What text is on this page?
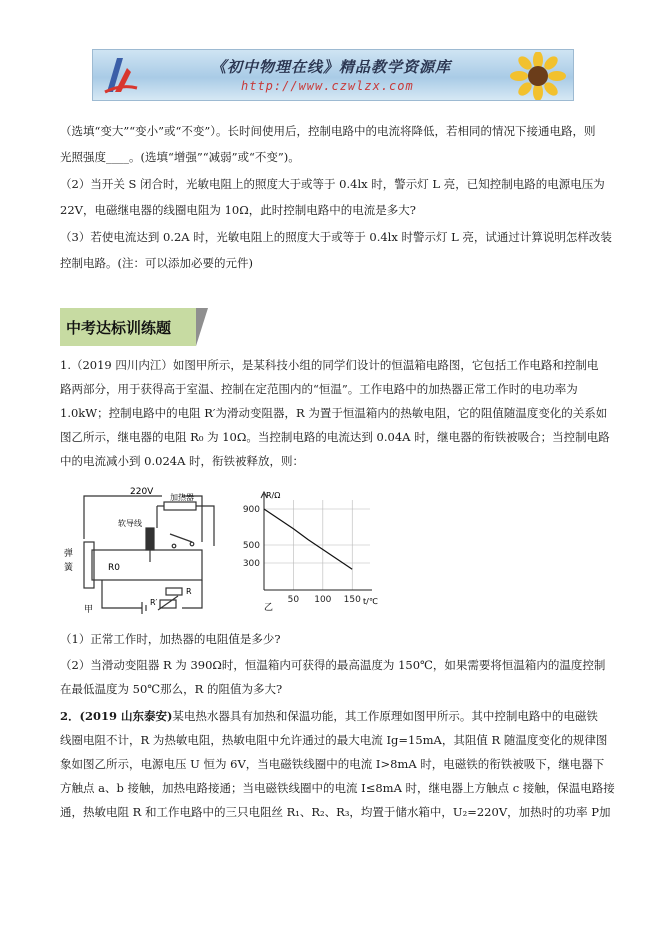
《初中物理在线》精品教学资源库
http://www.czwlzx.com

（选填“变大”“变小”或“不变”）。长时间使用后，控制电路中的电流将降低，若相同的情况下接通电路，则

光照强度____。(选填“增强”“减弱”或“不变”)。

（2）当开关 S 闭合时，光敏电阻上的照度大于或等于 0.4lx 时，警示灯 L 亮，已知控制电路的电源电压为

22V，电磁继电器的线圈电阻为 10Ω，此时控制电路中的电流是多大?

（3）若使电流达到 0.2A 时，光敏电阻上的照度大于或等于 0.4lx 时警示灯 L 亮，试通过计算说明怎样改装

控制电路。(注：可以添加必要的元件)

中考达标训练题

1.（2019 四川内江）如图甲所示，是某科技小组的同学们设计的恒温箱电路图，它包括工作电路和控制电

路两部分，用于获得高于室温、控制在定范围内的“恒温”。工作电路中的加热器正常工作时的电功率为

1.0kW；控制电路中的电阻 R′为滑动变阻器，R 为置于恒温箱内的热敏电阻，它的阻值随温度变化的关系如

图乙所示，继电器的电阻 R₀ 为 10Ω。当控制电路的电流达到 0.04A 时，继电器的衔铁被吸合；当控制电路

中的电流减小到 0.024A 时，衔铁被释放，则：

220V
加热器
软导线
弹
簧	R0
R′
R
甲
50 100 150
300
500
900
R/Ω
t/℃
乙

（1）正常工作时，加热器的电阻值是多少?

（2）当滑动变阻器 R 为 390Ω时，恒温箱内可获得的最高温度为 150℃，如果需要将恒温箱内的温度控制

在最低温度为 50℃那么，R 的阻值为多大?

2．(2019 山东泰安)某电热水器具有加热和保温功能，其工作原理如图甲所示。其中控制电路中的电磁铁

线圈电阻不计，R 为热敏电阻，热敏电阻中允许通过的最大电流 Ig=15mA，其阻值 R 随温度变化的规律图

象如图乙所示，电源电压 U 恒为 6V，当电磁铁线圈中的电流 I>8mA 时，电磁铁的衔铁被吸下，继电器下

方触点 a、b 接触，加热电路接通；当电磁铁线圈中的电流 I≤8mA 时，继电器上方触点 c 接触，保温电路接

通，热敏电阻 R 和工作电路中的三只电阻丝 R₁、R₂、R₃，均置于储水箱中，U₂=220V，加热时的功率 P加
